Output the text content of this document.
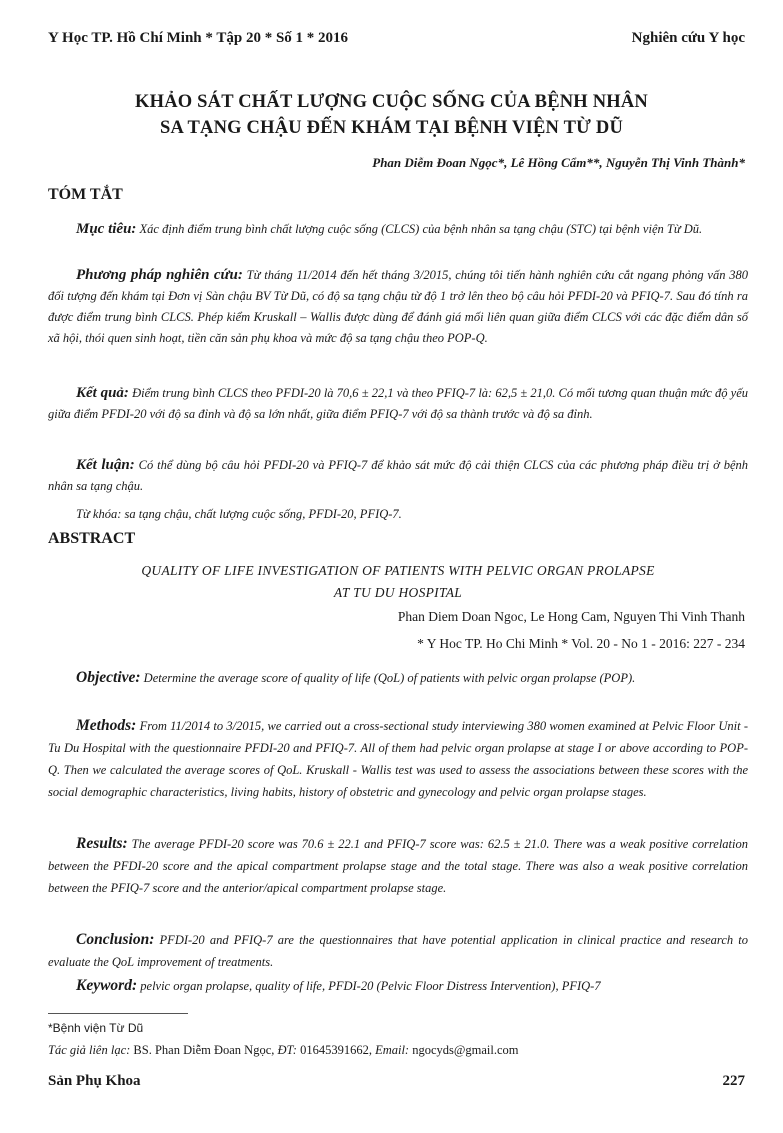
Y Học TP. Hồ Chí Minh * Tập 20 * Số 1 * 2016	Nghiên cứu Y học
KHẢO SÁT CHẤT LƯỢNG CUỘC SỐNG CỦA BỆNH NHÂN
SA TẠNG CHẬU ĐẾN KHÁM TẠI BỆNH VIỆN TỪ DŨ
Phan Diễm Đoan Ngọc*, Lê Hồng Cẩm**, Nguyễn Thị Vinh Thành*
TÓM TẮT
Mục tiêu: Xác định điểm trung bình chất lượng cuộc sống (CLCS) của bệnh nhân sa tạng chậu (STC) tại bệnh viện Từ Dũ.
Phương pháp nghiên cứu: Từ tháng 11/2014 đến hết tháng 3/2015, chúng tôi tiến hành nghiên cứu cắt ngang phỏng vấn 380 đối tượng đến khám tại Đơn vị Sàn chậu BV Từ Dũ, có độ sa tạng chậu từ độ 1 trở lên theo bộ câu hỏi PFDI-20 và PFIQ-7. Sau đó tính ra được điểm trung bình CLCS. Phép kiểm Kruskall – Wallis được dùng để đánh giá mối liên quan giữa điểm CLCS với các đặc điểm dân số xã hội, thói quen sinh hoạt, tiền căn sản phụ khoa và mức độ sa tạng chậu theo POP-Q.
Kết quả: Điểm trung bình CLCS theo PFDI-20 là 70,6 ± 22,1 và theo PFIQ-7 là: 62,5 ± 21,0. Có mối tương quan thuận mức độ yếu giữa điểm PFDI-20 với độ sa đỉnh và độ sa lớn nhất, giữa điểm PFIQ-7 với độ sa thành trước và độ sa đỉnh.
Kết luận: Có thể dùng bộ câu hỏi PFDI-20 và PFIQ-7 để khảo sát mức độ cải thiện CLCS của các phương pháp điều trị ở bệnh nhân sa tạng chậu.
Từ khóa: sa tạng chậu, chất lượng cuộc sống, PFDI-20, PFIQ-7.
ABSTRACT
QUALITY OF LIFE INVESTIGATION OF PATIENTS WITH PELVIC ORGAN PROLAPSE
AT TU DU HOSPITAL
Phan Diem Doan Ngoc, Le Hong Cam, Nguyen Thi Vinh Thanh
* Y Hoc TP. Ho Chi Minh * Vol. 20 - No 1 - 2016: 227 - 234
Objective: Determine the average score of quality of life (QoL) of patients with pelvic organ prolapse (POP).
Methods: From 11/2014 to 3/2015, we carried out a cross-sectional study interviewing 380 women examined at Pelvic Floor Unit - Tu Du Hospital with the questionnaire PFDI-20 and PFIQ-7. All of them had pelvic organ prolapse at stage I or above according to POP-Q. Then we calculated the average scores of QoL. Kruskall - Wallis test was used to assess the associations between these scores with the social demographic characteristics, living habits, history of obstetric and gynecology and pelvic organ prolapse stages.
Results: The average PFDI-20 score was 70.6 ± 22.1 and PFIQ-7 score was: 62.5 ± 21.0. There was a weak positive correlation between the PFDI-20 score and the apical compartment prolapse stage and the total stage. There was also a weak positive correlation between the PFIQ-7 score and the anterior/apical compartment prolapse stage.
Conclusion: PFDI-20 and PFIQ-7 are the questionnaires that have potential application in clinical practice and research to evaluate the QoL improvement of treatments.
Keyword: pelvic organ prolapse, quality of life, PFDI-20 (Pelvic Floor Distress Intervention), PFIQ-7
*Bệnh viện Từ Dũ
Tác giả liên lạc: BS. Phan Diễm Đoan Ngọc, ĐT: 01645391662, Email: ngocyds@gmail.com
Sản Phụ Khoa	227
